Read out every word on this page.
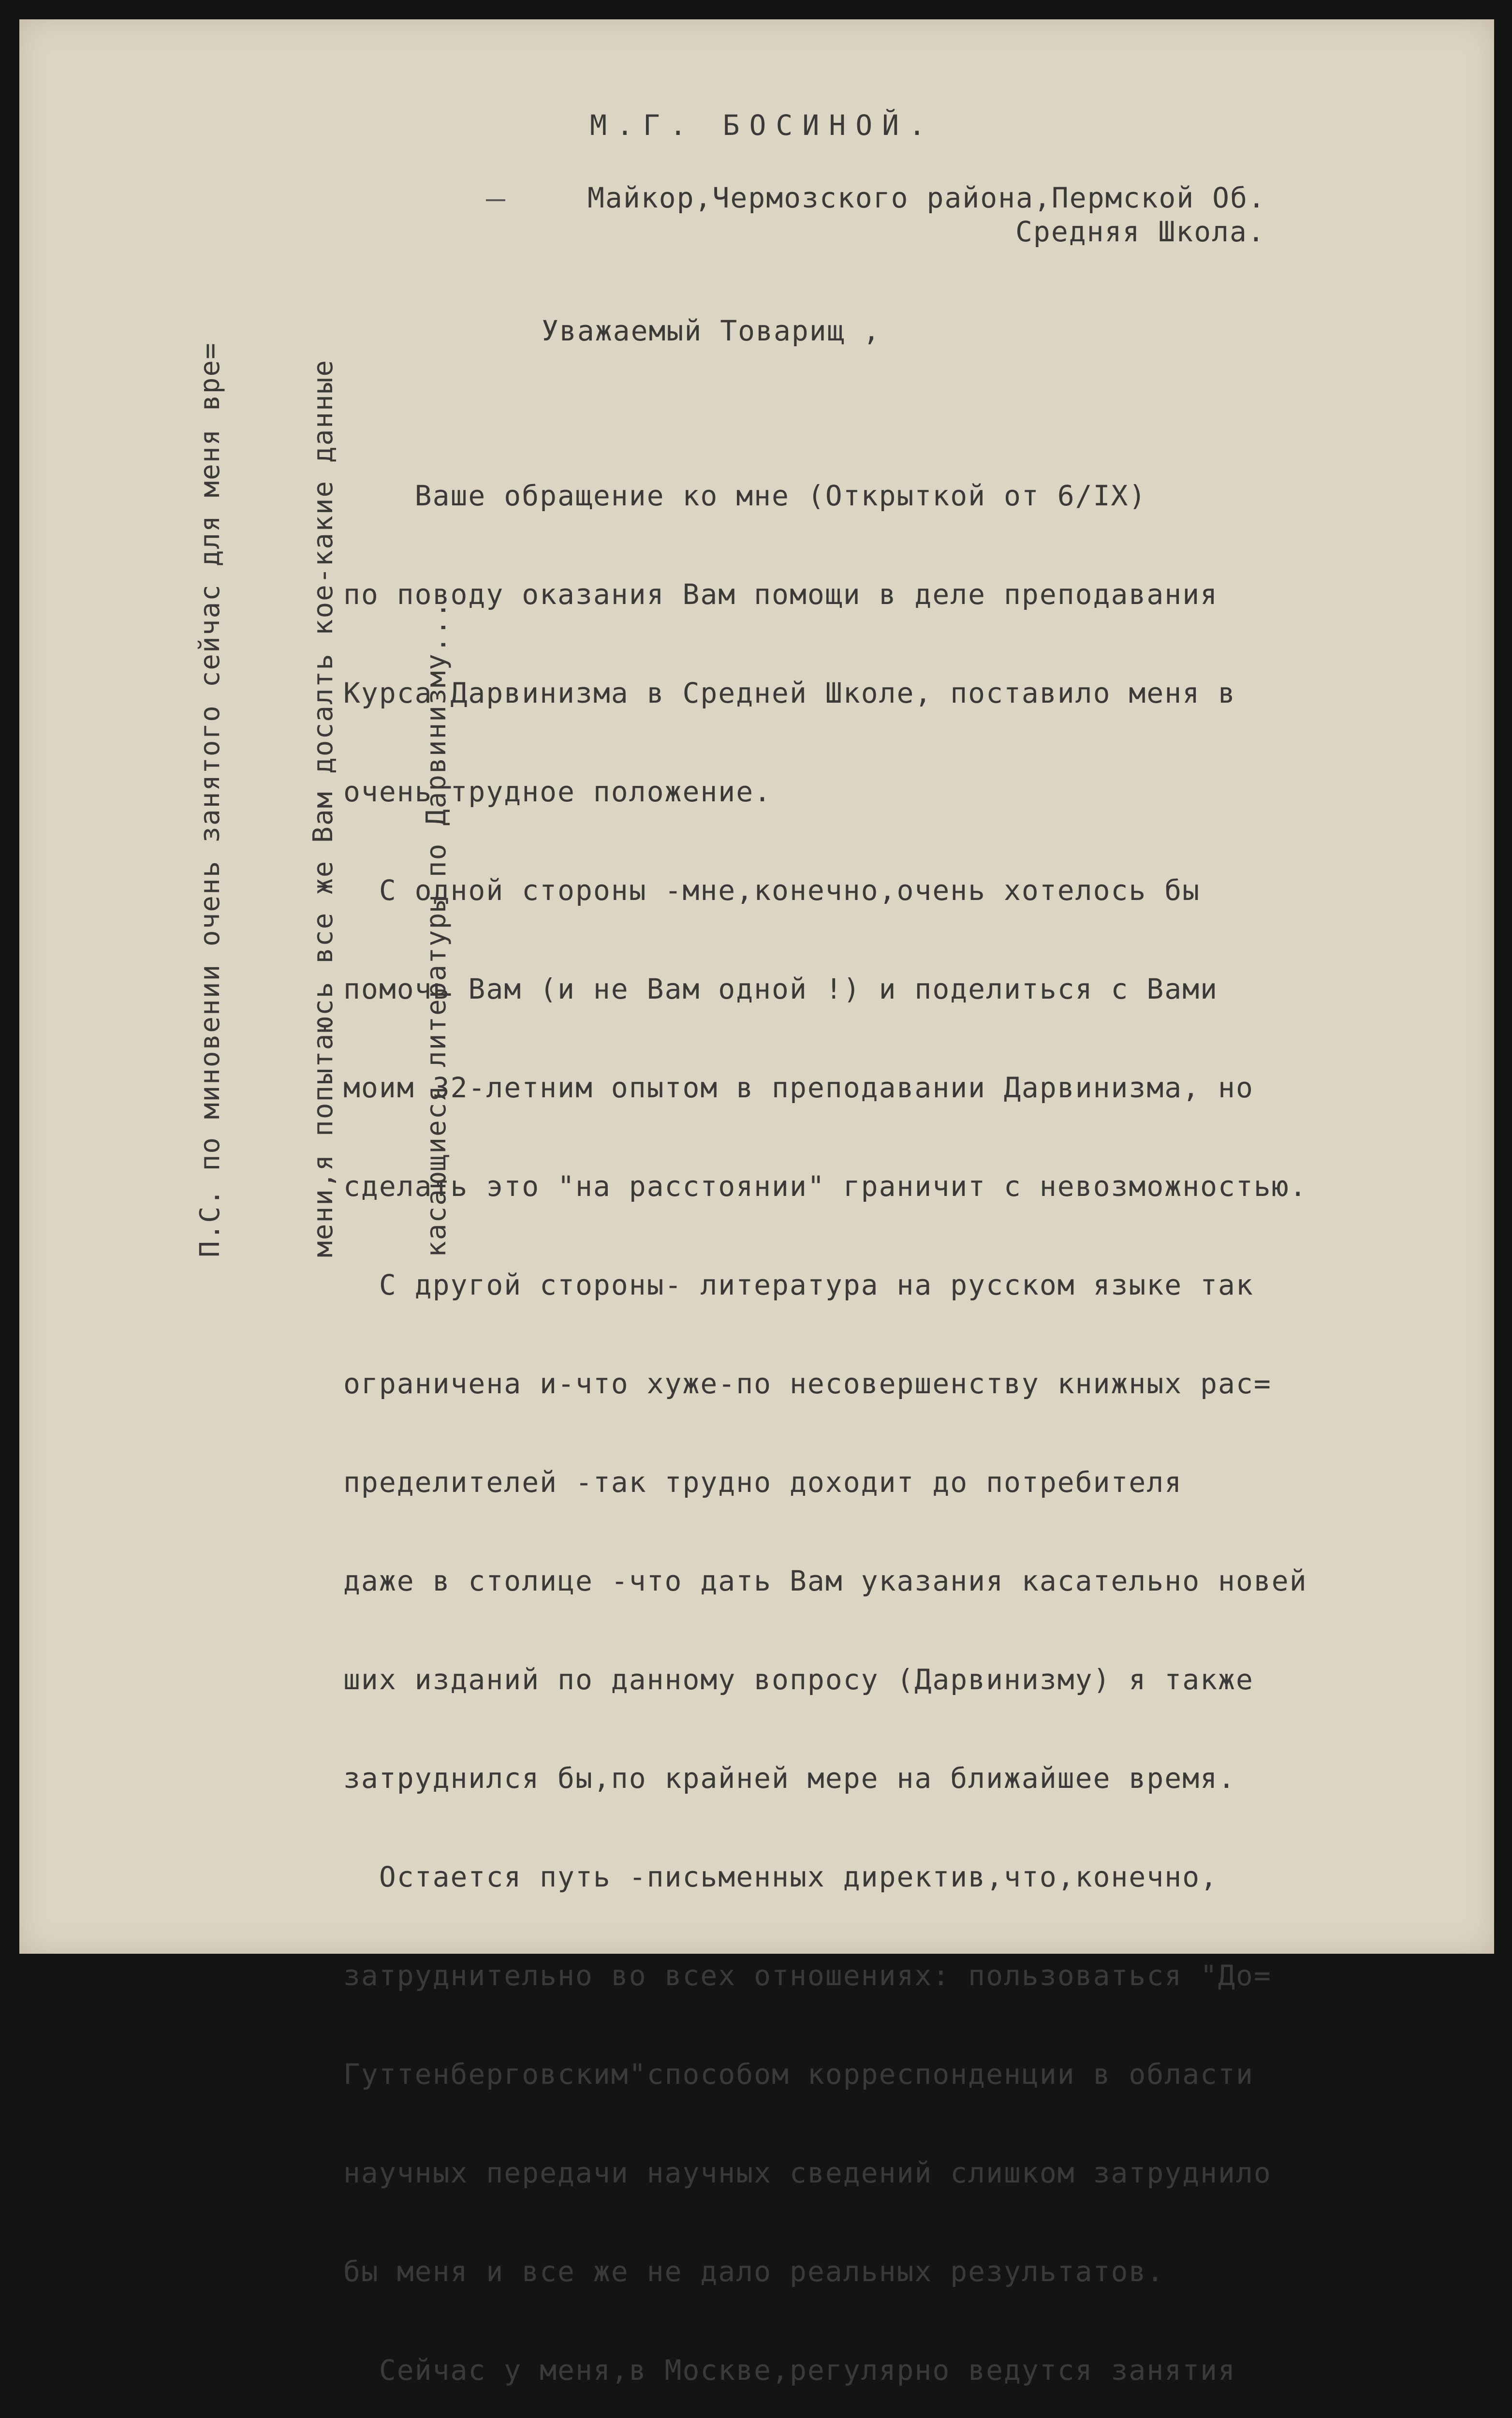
М.Г. БОСИНОЙ.
Майкор,Чермозского района,Пермской Об.
Средняя Школа.
Уважаемый Товарищ ,

Ваше обращение ко мне (Открыткой от 6/IX)

по поводу оказания Вам помощи в деле преподавания

Курса Дарвинизма в Средней Школе, поставило меня в

очень трудное положение.

С одной стороны -мне,конечно,очень хотелось бы

помочь Вам (и не Вам одной !) и поделиться с Вами

моим 32-летним опытом в преподавании Дарвинизма, но

сделать это "на расстоянии" граничит с невозможностью.

С другой стороны- литература на русском языке так

ограничена и-что хуже-по несовершенству книжных рас=

пределителей -так трудно доходит до потребителя

даже в столице -что дать Вам указания касательно новей

ших изданий по данному вопросу (Дарвинизму) я также

затруднился бы,по крайней мере на ближайшее время.

Остается путь -письменных директив,что,конечно,

затруднительно во всех отношениях: пользоваться "До=

Гуттенберговским"способом корреспонденции в области

научных передачи научных сведений слишком затруднило

бы меня и все же не дало реальных результатов.

Сейчас у меня,в Москве,регулярно ведутся занятия

П.С. по миновении очень занятого сейчас для меня вре=

	мени,я попытаюсь все же Вам досалть кое-какие данные

	касающиеся литературы по Дарвинизму...
